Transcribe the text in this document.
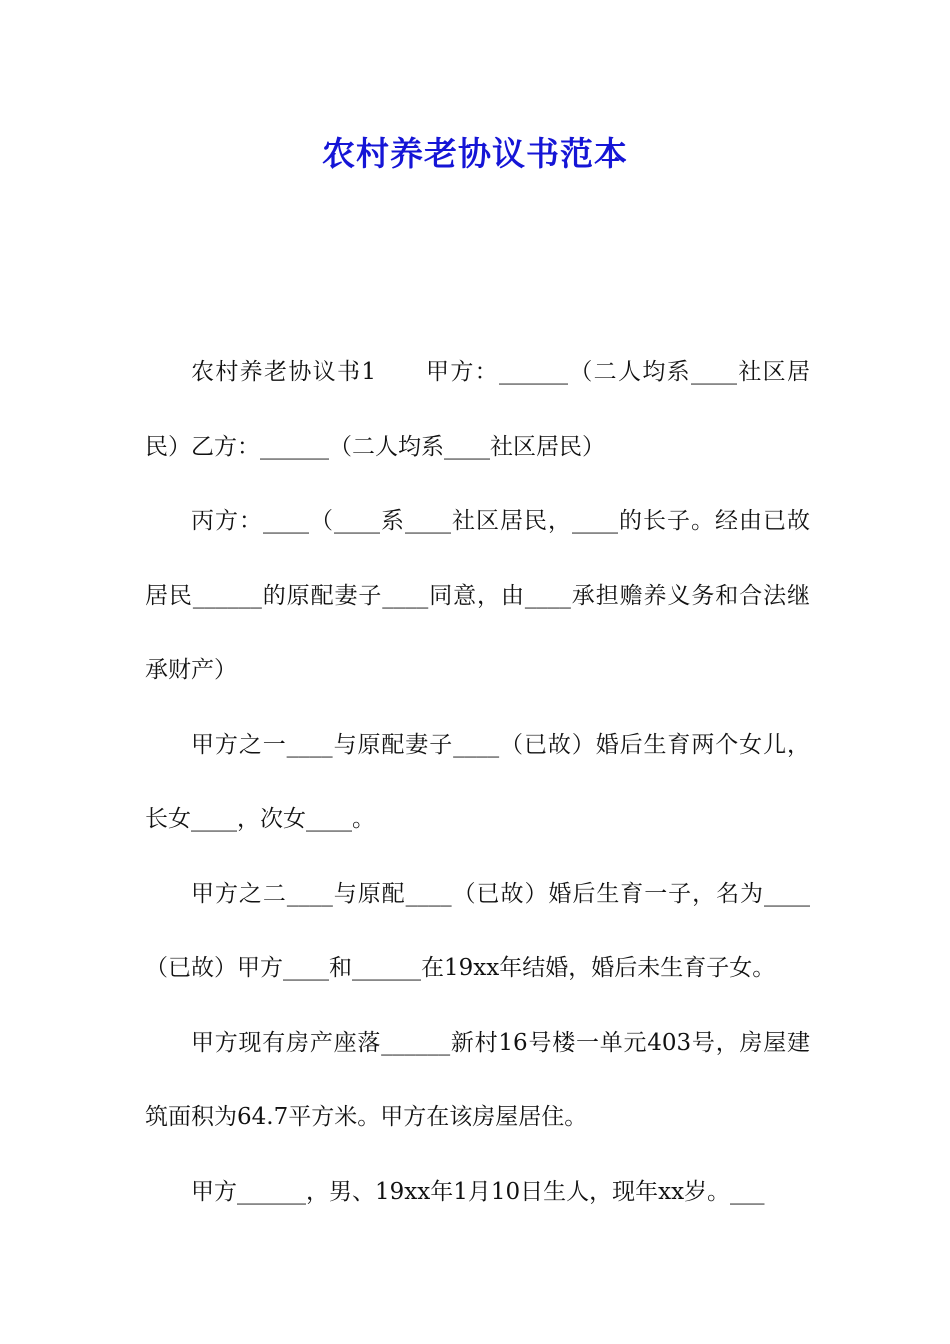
农村养老协议书范本

农村养老协议书1　　甲方：______（二人均系____社区居民）乙方：______（二人均系____社区居民）

丙方：____（____系____社区居民，____的长子。经由已故居民______的原配妻子____同意，由____承担赡养义务和合法继承财产）

甲方之一____与原配妻子____（已故）婚后生育两个女儿，长女____，次女____。

甲方之二____与原配____（已故）婚后生育一子，名为____（已故）甲方____和______在19xx年结婚，婚后未生育子女。

甲方现有房产座落______新村16号楼一单元403号，房屋建筑面积为64.7平方米。甲方在该房屋居住。

甲方______，男、19xx年1月10日生人，现年xx岁。___
